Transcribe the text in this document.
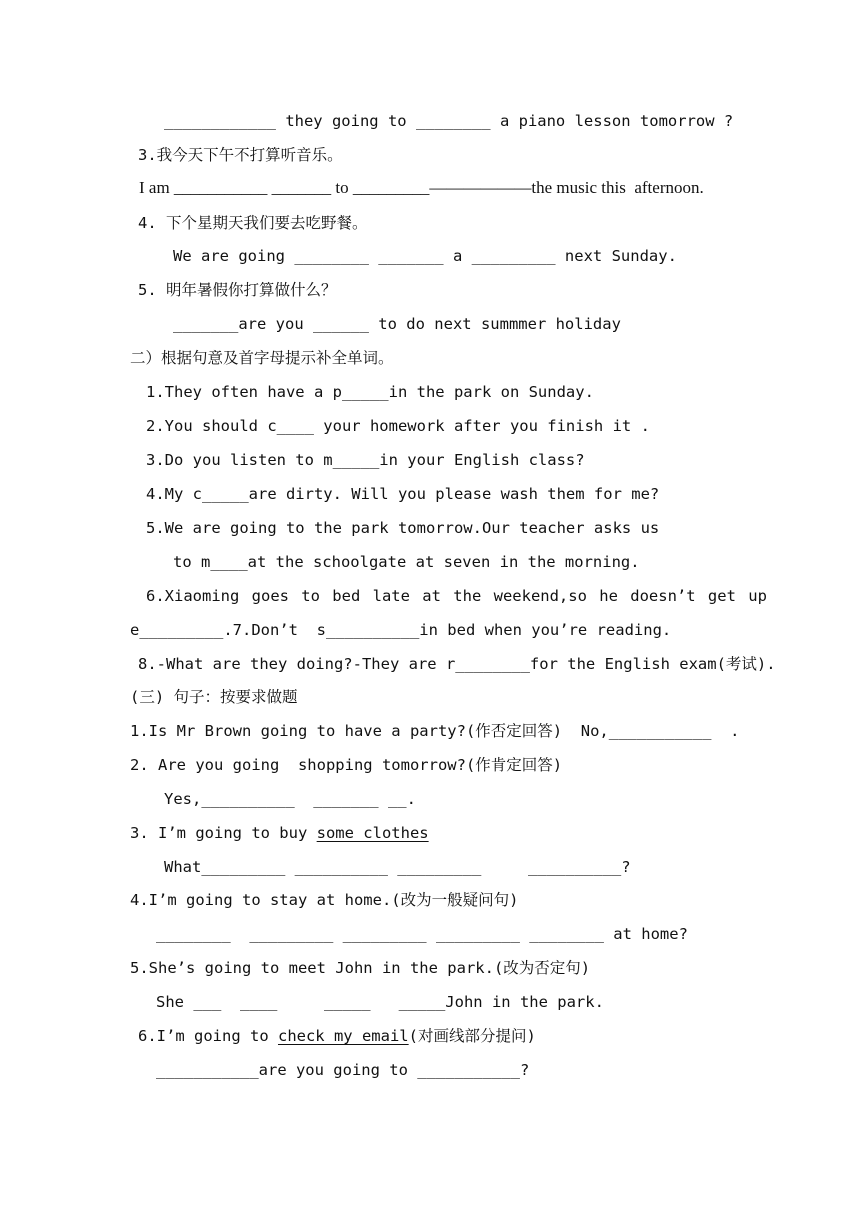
____________ they going to ________ a piano lesson tomorrow ?
3.我今天下午不打算听音乐。
I am ___________ _______ to _________――――――the music this  afternoon.
4. 下个星期天我们要去吃野餐。
We are going ________ _______ a _________ next Sunday.
5. 明年暑假你打算做什么？
_______are you ______ to do next summmer holiday
二）根据句意及首字母提示补全单词。
1.They often have a p_____in the park on Sunday.
2.You should c____ your homework after you finish it .
3.Do you listen to m_____in your English class?
4.My c_____are dirty. Will you please wash them for me?
5.We are going to the park tomorrow.Our teacher asks us
to m____at the schoolgate at seven in the morning.
6.Xiaoming goes to bed late at the weekend,so he doesn’t get up
e_________.7.Don’t  s__________in bed when you’re reading.
8.-What are they doing?-They are r________for the English exam(考试).
(三) 句子：按要求做题
1.Is Mr Brown going to have a party?(作否定回答)  No,___________  .
2. Are you going  shopping tomorrow?(作肯定回答)
Yes,__________  _______ __.
3. I’m going to buy some clothes
What_________ __________ _________     __________?
4.I’m going to stay at home.(改为一般疑问句)
________  _________ _________ _________ ________ at home?
5.She’s going to meet John in the park.(改为否定句)
She ___  ____     _____   _____John in the park.
6.I’m going to check my email(对画线部分提问)
___________are you going to ___________?
